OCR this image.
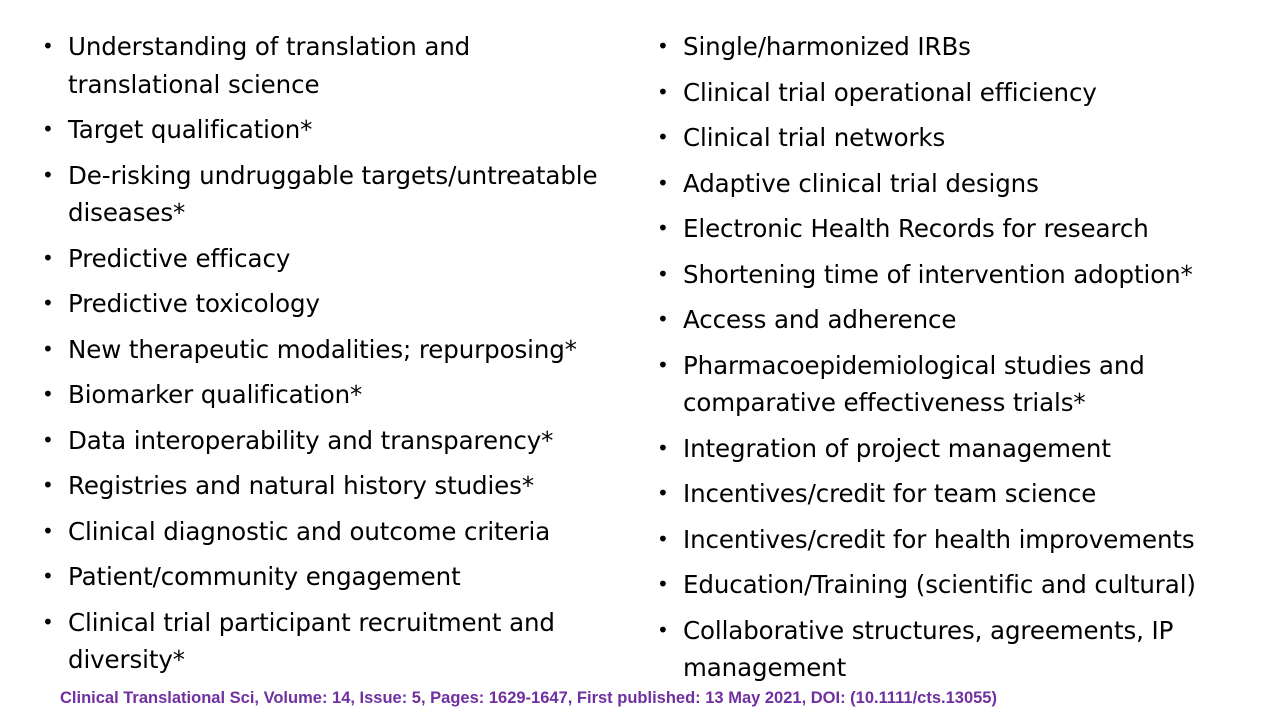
• Understanding of translation and translational science
• Target qualification*
• De-risking undruggable targets/untreatable diseases*
• Predictive efficacy
• Predictive toxicology
• New therapeutic modalities; repurposing*
• Biomarker qualification*
• Data interoperability and transparency*
• Registries and natural history studies*
• Clinical diagnostic and outcome criteria
• Patient/community engagement
• Clinical trial participant recruitment and diversity*
• Single/harmonized IRBs
• Clinical trial operational efficiency
• Clinical trial networks
• Adaptive clinical trial designs
• Electronic Health Records for research
• Shortening time of intervention adoption*
• Access and adherence
• Pharmacoepidemiological studies and comparative effectiveness trials*
• Integration of project management
• Incentives/credit for team science
• Incentives/credit for health improvements
• Education/Training (scientific and cultural)
• Collaborative structures, agreements, IP management
Clinical Translational Sci, Volume: 14, Issue: 5, Pages: 1629-1647, First published: 13 May 2021, DOI: (10.1111/cts.13055)
